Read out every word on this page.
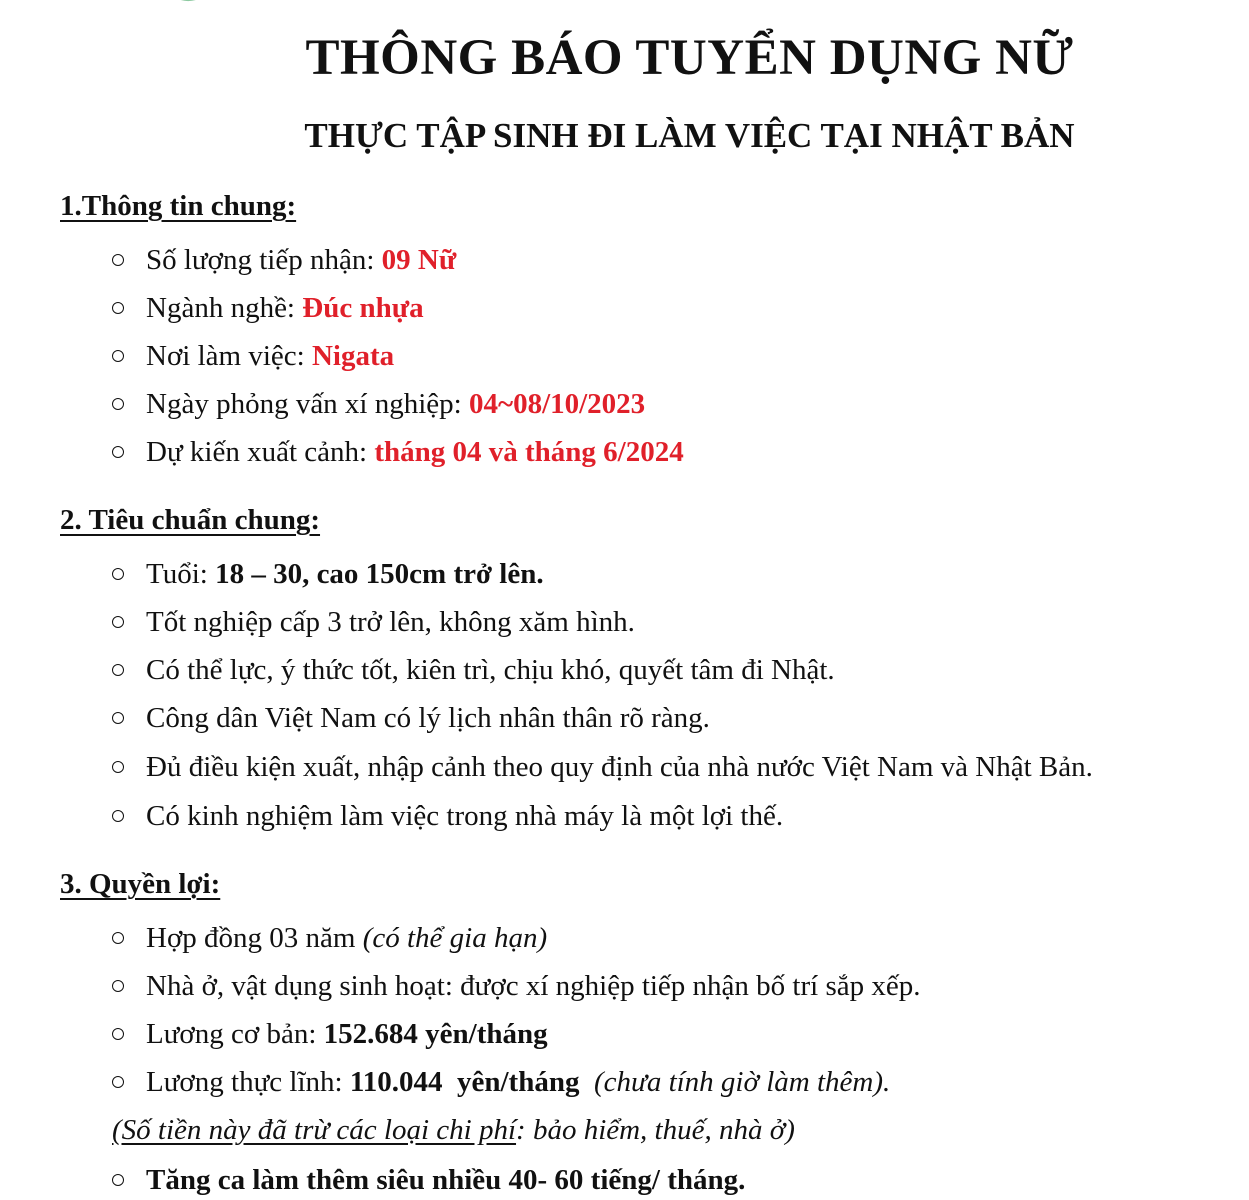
THÔNG BÁO TUYỂN DỤNG NỮ
THỰC TẬP SINH ĐI LÀM VIỆC TẠI NHẬT BẢN
1.Thông tin chung:
Số lượng tiếp nhận: 09 Nữ
Ngành nghề: Đúc nhựa
Nơi làm việc: Nigata
Ngày phỏng vấn xí nghiệp: 04~08/10/2023
Dự kiến xuất cảnh: tháng 04 và tháng 6/2024
2. Tiêu chuẩn chung:
Tuổi: 18 – 30, cao 150cm trở lên.
Tốt nghiệp cấp 3 trở lên, không xăm hình.
Có thể lực, ý thức tốt, kiên trì, chịu khó, quyết tâm đi Nhật.
Công dân Việt Nam có lý lịch nhân thân rõ ràng.
Đủ điều kiện xuất, nhập cảnh theo quy định của nhà nước Việt Nam và Nhật Bản.
Có kinh nghiệm làm việc trong nhà máy là một lợi thế.
3. Quyền lợi:
Hợp đồng 03 năm (có thể gia hạn)
Nhà ở, vật dụng sinh hoạt: được xí nghiệp tiếp nhận bố trí sắp xếp.
Lương cơ bản: 152.684 yên/tháng
Lương thực lĩnh: 110.044  yên/tháng  (chưa tính giờ làm thêm).
(Số tiền này đã trừ các loại chi phí: bảo hiểm, thuế, nhà ở)
Tăng ca làm thêm siêu nhiều 40- 60 tiếng/ tháng.
